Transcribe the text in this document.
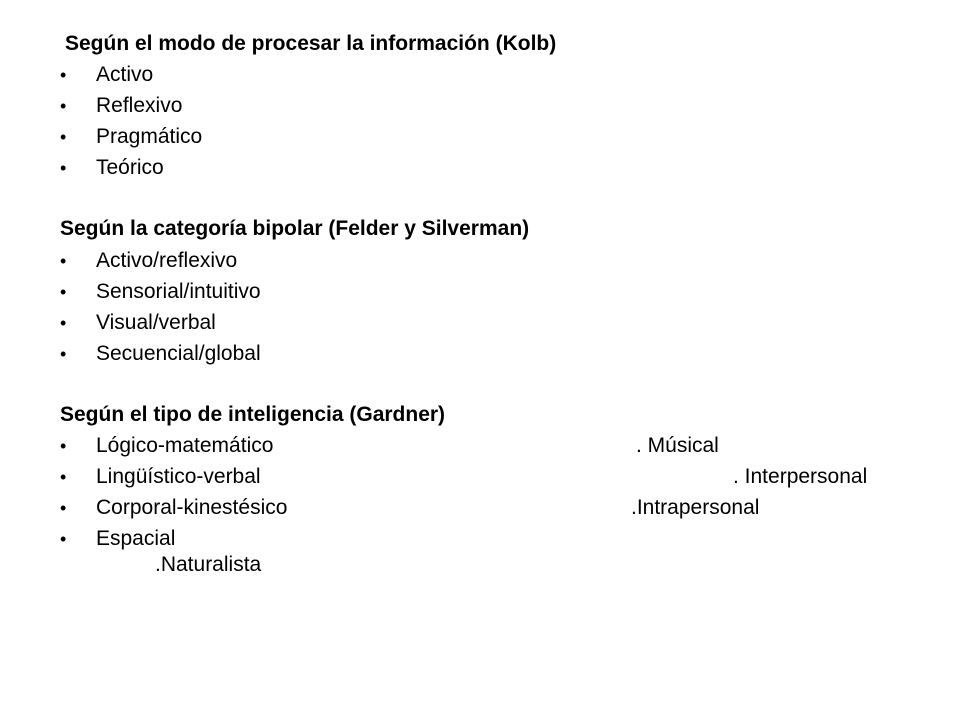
Según el modo de procesar la información (Kolb)
• Activo
• Reflexivo
• Pragmático
• Teórico
Según la categoría bipolar (Felder y Silverman)
• Activo/reflexivo
• Sensorial/intuitivo
• Visual/verbal
• Secuencial/global
Según el tipo de inteligencia (Gardner)
• Lógico-matemático	. Músical
• Lingüístico-verbal	. Interpersonal
• Corporal-kinestésico	.Intrapersonal
• Espacial
.Naturalista
